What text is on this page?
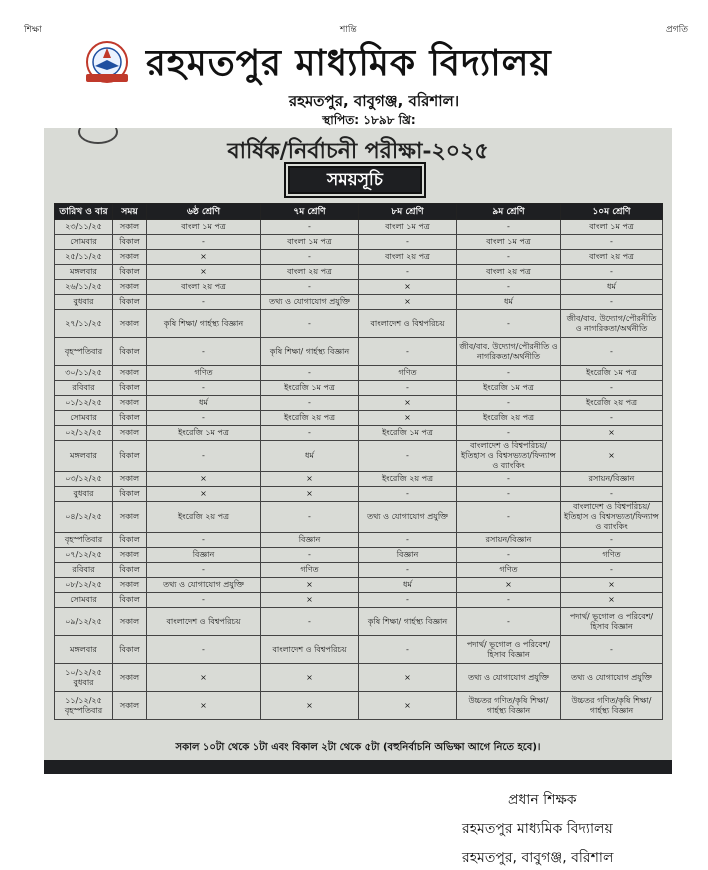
শিক্ষা	শান্তি	প্রগতি
রহমতপুর মাধ্যমিক বিদ্যালয়
রহমতপুর, বাবুগঞ্জ, বরিশাল।
স্থাপিত: ১৮৯৮ খ্রি:
বার্ষিক/নির্বাচনী পরীক্ষা-২০২৫
সময়সূচি
তারিখ ও বার	সময়	৬ষ্ঠ শ্রেণি	৭ম শ্রেণি	৮ম শ্রেণি	৯ম শ্রেণি	১০ম শ্রেণি
২৩/১১/২৫	সকাল	বাংলা ১ম পত্র	-	বাংলা ১ম পত্র	-	বাংলা ১ম পত্র
সোমবার	বিকাল	-	বাংলা ১ম পত্র	-	বাংলা ১ম পত্র	-
২৫/১১/২৫	সকাল	×	-	বাংলা ২য় পত্র	-	বাংলা ২য় পত্র
মঙ্গলবার	বিকাল	×	বাংলা ২য় পত্র	-	বাংলা ২য় পত্র	-
২৬/১১/২৫	সকাল	বাংলা ২য় পত্র	-	×	-	ধর্ম
বুধবার	বিকাল	-	তথ্য ও যোগাযোগ প্রযুক্তি	×	ধর্ম	-
২৭/১১/২৫	সকাল	কৃষি শিক্ষা/ গার্হস্থ্য বিজ্ঞান	-	বাংলাদেশ ও বিশ্বপরিচয়	-	জীব/বাব. উদ্যোগ/পৌরনীতি ও নাগরিকতা/অর্থনীতি
বৃহস্পতিবার	বিকাল	-	কৃষি শিক্ষা/ গার্হস্থ্য বিজ্ঞান	-	জীব/বাব. উদ্যোগ/পৌরনীতি ও নাগরিকতা/অর্থনীতি	-
৩০/১১/২৫	সকাল	গণিত	-	গণিত	-	ইংরেজি ১ম পত্র
রবিবার	বিকাল	-	ইংরেজি ১ম পত্র	-	ইংরেজি ১ম পত্র	-
০১/১২/২৫	সকাল	ধর্ম	-	×	-	ইংরেজি ২য় পত্র
সোমবার	বিকাল	-	ইংরেজি ২য় পত্র	×	ইংরেজি ২য় পত্র	-
০২/১২/২৫	সকাল	ইংরেজি ১ম পত্র	-	ইংরেজি ১ম পত্র	-	×
মঙ্গলবার	বিকাল	-	ধর্ম	-	বাংলাদেশ ও বিশ্বপরিচয়/ইতিহাস ও বিশ্বসভ্যতা/ফিন্যান্স ও ব্যাংকিং	×
০৩/১২/২৫	সকাল	×	×	ইংরেজি ২য় পত্র	-	রসায়ন/বিজ্ঞান
বুধবার	বিকাল	×	×	-	-	-
০৪/১২/২৫	সকাল	ইংরেজি ২য় পত্র	-	তথ্য ও যোগাযোগ প্রযুক্তি	-	বাংলাদেশ ও বিশ্বপরিচয়/ইতিহাস ও বিশ্বসভ্যতা/ফিন্যান্স ও ব্যাংকিং
বৃহস্পতিবার	বিকাল	-	বিজ্ঞান	-	রসায়ন/বিজ্ঞান	-
০৭/১২/২৫	সকাল	বিজ্ঞান	-	বিজ্ঞান	-	গণিত
রবিবার	বিকাল	-	গণিত	-	গণিত	-
০৮/১২/২৫	সকাল	তথ্য ও যোগাযোগ প্রযুক্তি	×	ধর্ম	×	×
সোমবার	বিকাল	-	×	-	-	×
০৯/১২/২৫	সকাল	বাংলাদেশ ও বিশ্বপরিচয়	-	কৃষি শিক্ষা/ গার্হস্থ্য বিজ্ঞান	-	পদার্থ/ ভূগোল ও পরিবেশ/ হিসাব বিজ্ঞান
মঙ্গলবার	বিকাল	-	বাংলাদেশ ও বিশ্বপরিচয়	-	পদার্থ/ ভূগোল ও পরিবেশ/ হিসাব বিজ্ঞান	-
১০/১২/২৫ বুধবার	সকাল	×	×	×	তথ্য ও যোগাযোগ প্রযুক্তি	তথ্য ও যোগাযোগ প্রযুক্তি
১১/১২/২৫ বৃহস্পতিবার	সকাল	×	×	×	উচ্চতর গণিত/কৃষি শিক্ষা/ গার্হস্থ্য বিজ্ঞান	উচ্চতর গণিত/কৃষি শিক্ষা/ গার্হস্থ্য বিজ্ঞান
সকাল ১০টা থেকে ১টা এবং বিকাল ২টা থেকে ৫টা (বহুনির্বাচনি অভিক্ষা আগে নিতে হবে)।
প্রধান শিক্ষক
রহমতপুর মাধ্যমিক বিদ্যালয়
রহমতপুর, বাবুগঞ্জ, বরিশাল
